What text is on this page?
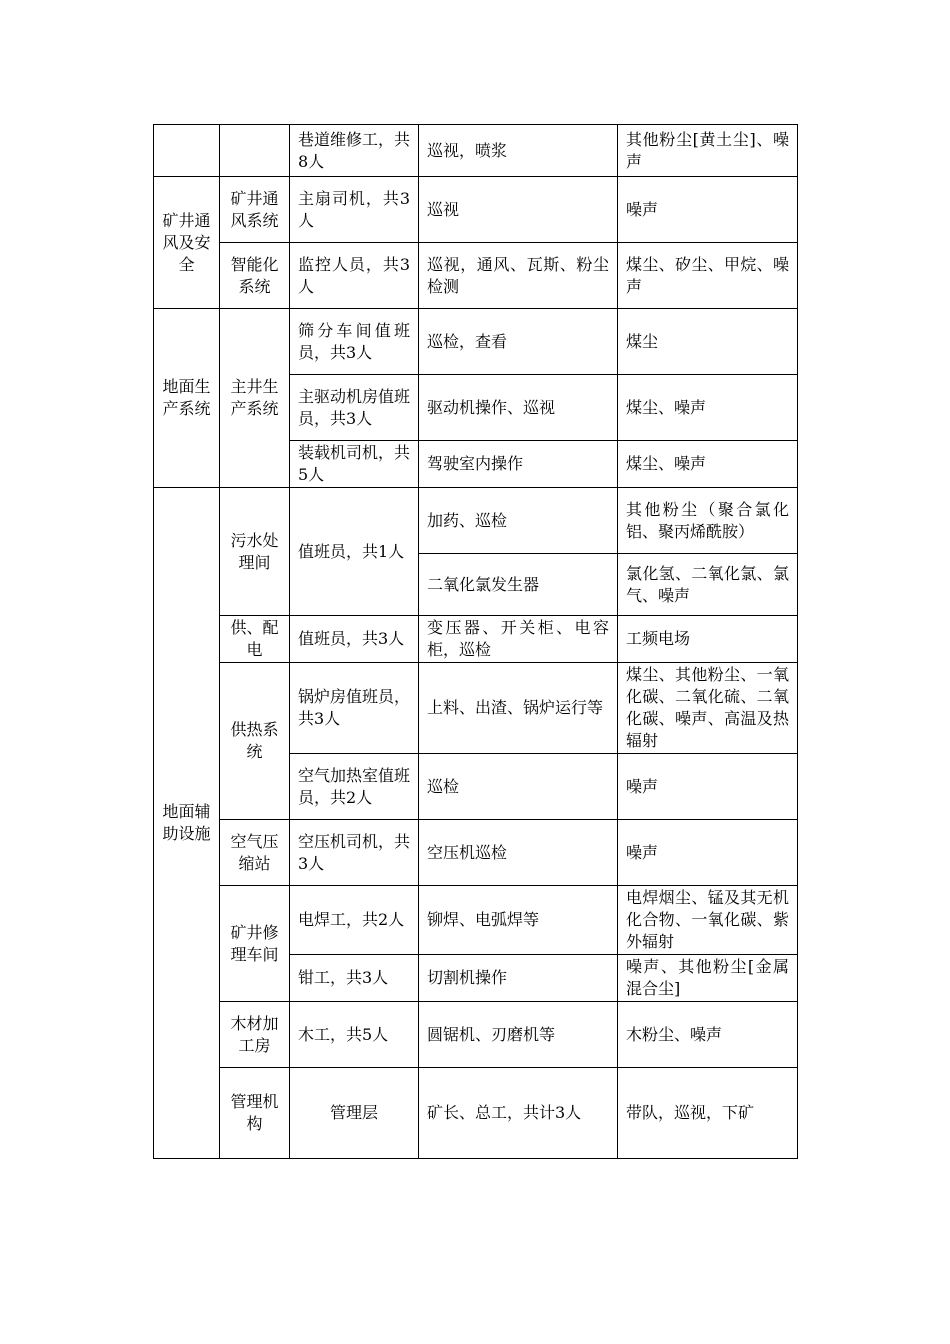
		巷道维修工，共8人	巡视，喷浆	其他粉尘[黄土尘]、噪声	
矿井通风及安全	矿井通风系统	主扇司机，共3人	巡视	噪声	
	智能化系统	监控人员，共3人	巡视，通风、瓦斯、粉尘检测	煤尘、矽尘、甲烷、噪声	
地面生产系统	主井生产系统	筛分车间值班员，共3人	巡检，查看	煤尘	
		主驱动机房值班员，共3人	驱动机操作、巡视	煤尘、噪声	
		装载机司机，共5人	驾驶室内操作	煤尘、噪声	
地面辅助设施	污水处理间	值班员，共1人	加药、巡检	其他粉尘（聚合氯化铝、聚丙烯酰胺）	
			二氧化氯发生器	氯化氢、二氧化氯、氯气、噪声	
	供、配电	值班员，共3人	变压器、开关柜、电容柜，巡检	工频电场	
	供热系统	锅炉房值班员，共3人	上料、出渣、锅炉运行等	煤尘、其他粉尘、一氧化碳、二氧化硫、二氧化碳、噪声、高温及热辐射	
		空气加热室值班员，共2人	巡检	噪声	
	空气压缩站	空压机司机，共3人	空压机巡检	噪声	
	矿井修理车间	电焊工，共2人	铆焊、电弧焊等	电焊烟尘、锰及其无机化合物、一氧化碳、紫外辐射	
		钳工，共3人	切割机操作	噪声、其他粉尘[金属混合尘]	
	木材加工房	木工，共5人	圆锯机、刃磨机等	木粉尘、噪声	
	管理机构	管理层	矿长、总工，共计3人	带队，巡视，下矿	
